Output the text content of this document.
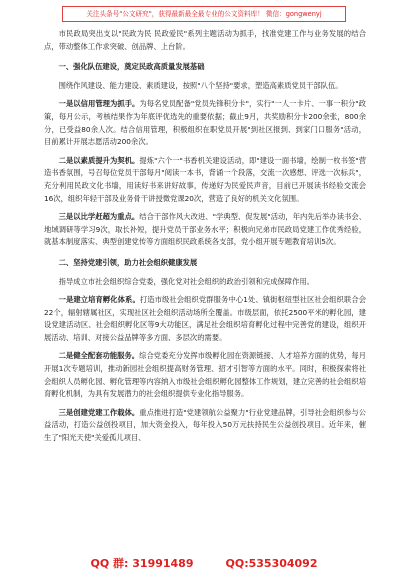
关注头条号"公文研究"，获得最新最全最专业的公文资料库！ 微信：gongwenyj

市民政局突出支以"民政为民 民政爱民"系列主题活动为抓手，找准党建工作与业务发展的结合点，带动整体工作求突破、创品牌、上台阶。

一、强化队伍建设，奠定民政高质量发展基础

围绕作风建设、能力建设、素质建设，按照"八个坚持"要求，塑造高素质党员干部队伍。

一是以信用管理为抓手。为每名党员配备"党员先锋积分卡"，实行"一人一卡片、一事一积分"政策，每月公示，考核结果作为年底评优选先的重要依据；截止9月，共奖励积分卡200余张，800余分，已受益80余人次。结合信用管理，积极组织在职党员开展"到社区报到、到家门口服务"活动，目前累计开展志愿活动200余次。

二是以素质提升为契机。提炼"六个一"书香机关建设活动，即"建设一面书墙，绘制一枚书签"营造书香氛围，号召每位党员干部每月"阅读一本书，背诵一个段落，交流一次感想、评选一次标兵"，充分利用民政文化书墙，用读好书来讲好故事，传递好为民爱民声音，目前已开展读书经验交流会16次，组织年轻干部及业务骨干讲授微党课20次，营造了良好的机关文化氛围。

三是以比学赶超为重点。结合干部作风大改进、"学典型、促发展"活动，年内先后举办读书会、地域调研等学习9次，取长补短，提升党员干部业务水平；积极向兄弟市民政局党建工作优秀经验，就基本制度落实、典型创建党传等方面组织民政系统各支部，党小组开展专题教育培训5次。

二、坚持党建引领，助力社会组织健康发展

指导成立市社会组织综合党委，强化党对社会组织的政治引领和完成保障作用。

一是建立培育孵化体系。打造市级社会组织党群服务中心1处、镇街枢纽型社区社会组织联合会22个，辐射辖属社区，实现社区社会组织活动场所全覆盖。市级层面，依托2500平米的孵化园，建设党建活动区、社会组织孵化区等9大功能区，满足社会组织培育孵化过程中完善党的建设，组织开展活动、培训、对接公益品牌等多方面、多层次的需要。

二是健全配套功能服务。综合党委充分发挥市级孵化园在资源链接、人才培养方面的优势，每月开展1次专题培训，推动新园社会组织提高财务管理、招才引智等方面的水平。同时，积极探索将社会组织人员孵化园、孵化管理等内容纳入市级社会组织孵化园整体工作规划，建立完善的社会组织培育孵化机制，为具有发展潜力的社会组织提供专业化指导服务。

三是创建党建工作载体。重点推进打造"党建领航公益聚力"行业党建品牌，引导社会组织参与公益活动，打造公益创投项目，加大资金投入，每年投入50万元扶持民生公益创投项目。近年来，催生了"阳光天使"关爱孤儿项目、

QQ 群: 31991489	QQ:535304092
